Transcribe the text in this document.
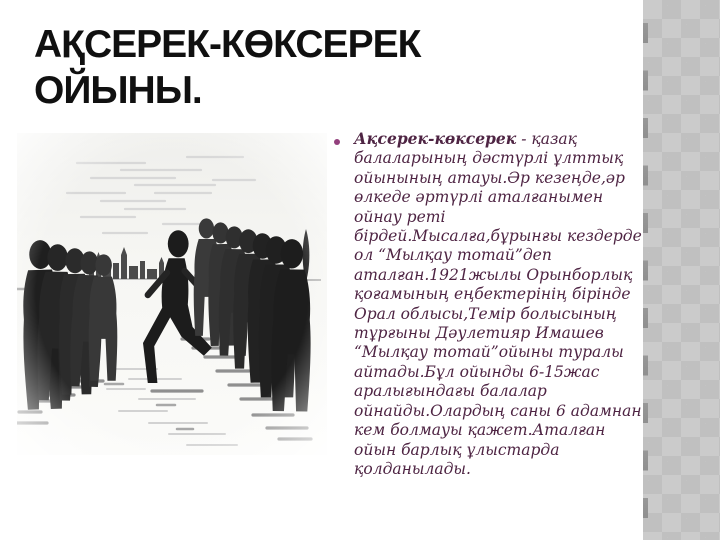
АҚСЕРЕК-КӨКСЕРЕК
ОЙЫНЫ.

Ақсерек-көксерек - қазақ балаларының дәстүрлі ұлттық ойынының атауы.Әр кезеңде,әр өлкеде әртүрлі аталғанымен ойнау реті бірдей.Мысалға,бұрынғы кездерде ол “Мылқау тотай”деп аталған.1921жылы Орынборлық қоғамының еңбектерінің бірінде Орал облысы,Темір болысының тұрғыны Дәулетияр Имашев “Мылқау тотай”ойыны туралы айтады.Бұл ойынды 6-15жас аралығындағы балалар ойнайды.Олардың саны 6 адамнан кем болмауы қажет.Аталған ойын барлық ұлыстарда қолданылады.
